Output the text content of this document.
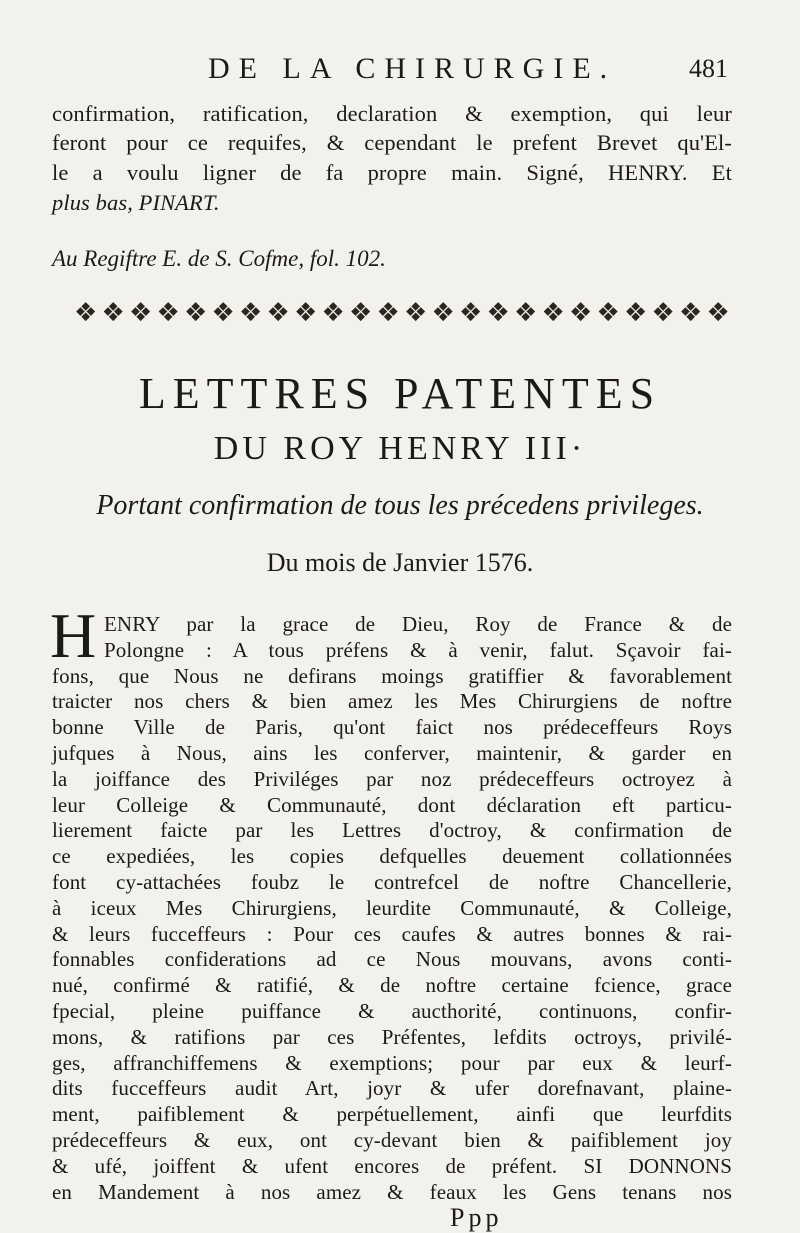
DE LA CHIRURGIE.	481
confirmation, ratification, declaration & exemption, qui leur
feront pour ce requifes, & cependant le prefent Brevet qu'El-
le a voulu ligner de fa propre main. Signé, HENRY. Et
plus bas, PINART.
Au Regiftre E. de S. Cofme, fol. 102.
❖ ❖ ❖ ❖ ❖ ❖ ❖ ❖ ❖ ❖ ❖ ❖ ❖ ❖ ❖ ❖ ❖ ❖ ❖ ❖ ❖ ❖ ❖ ❖
LETTRES PATENTES
DU ROY HENRY III·
Portant confirmation de tous les précedens privileges.
Du mois de Janvier 1576.
H ENRY par la grace de Dieu, Roy de France & de
Polongne : A tous préfens & à venir, falut. Sçavoir fai-
fons, que Nous ne defirans moings gratiffier & favorablement
traicter nos chers & bien amez les Mes Chirurgiens de noftre
bonne Ville de Paris, qu'ont faict nos prédeceffeurs Roys
jufques à Nous, ains les conferver, maintenir, & garder en
la joiffance des Priviléges par noz prédeceffeurs octroyez à
leur Colleige & Communauté, dont déclaration eft particu-
lierement faicte par les Lettres d'octroy, & confirmation de
ce expediées, les copies defquelles deuement collationnées
font cy-attachées foubz le contrefcel de noftre Chancellerie,
à iceux Mes Chirurgiens, leurdite Communauté, & Colleige,
& leurs fucceffeurs : Pour ces caufes & autres bonnes & rai-
fonnables confiderations ad ce Nous mouvans, avons conti-
nué, confirmé & ratifié, & de noftre certaine fcience, grace
fpecial, pleine puiffance & aucthorité, continuons, confir-
mons, & ratifions par ces Préfentes, lefdits octroys, privilé-
ges, affranchiffemens & exemptions; pour par eux & leurf-
dits fucceffeurs audit Art, joyr & ufer dorefnavant, plaine-
ment, paifiblement & perpétuellement, ainfi que leurfdits
prédeceffeurs & eux, ont cy-devant bien & paifiblement joy
& ufé, joiffent & ufent encores de préfent. SI DONNONS
en Mandement à nos amez & feaux les Gens tenans nos
Ppp
